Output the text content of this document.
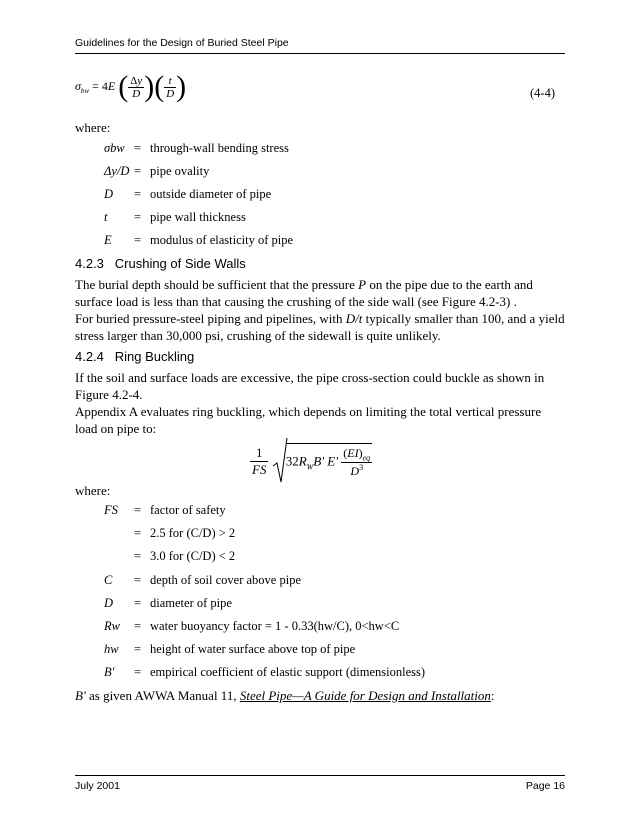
Guidelines for the Design of Buried Steel Pipe
$\sigma_{bw} = 4E$ ( $\frac{\Delta y}{D}$ )( $\frac{t}{D}$ )	(4-4)
where:
σbw = through-wall bending stress
Δy/D = pipe ovality
D = outside diameter of pipe
t = pipe wall thickness
E = modulus of elasticity of pipe
4.2.3 Crushing of Side Walls
The burial depth should be sufficient that the pressure P on the pipe due to the earth and surface load is less than that causing the crushing of the side wall (see Figure 4.2-3) .
For buried pressure-steel piping and pipelines, with D/t typically smaller than 100, and a yield stress larger than 30,000 psi, crushing of the sidewall is quite unlikely.
4.2.4 Ring Buckling
If the soil and surface loads are excessive, the pipe cross-section could buckle as shown in Figure 4.2-4.
Appendix A evaluates ring buckling, which depends on limiting the total vertical pressure load on pipe to:
$\frac{1}{FS} 32R_WB'$ $E' \frac{(EI)_{eq}}{D^3}$
where:
FS = factor of safety
= 2.5 for (C/D) > 2
= 3.0 for (C/D) < 2
C = depth of soil cover above pipe
D = diameter of pipe
Rw = water buoyancy factor = 1 - 0.33(hw/C), 0<hw<C
hw = height of water surface above top of pipe
B' = empirical coefficient of elastic support (dimensionless)
B' as given AWWA Manual 11, Steel Pipe—A Guide for Design and Installation:
July 2001	Page 16
